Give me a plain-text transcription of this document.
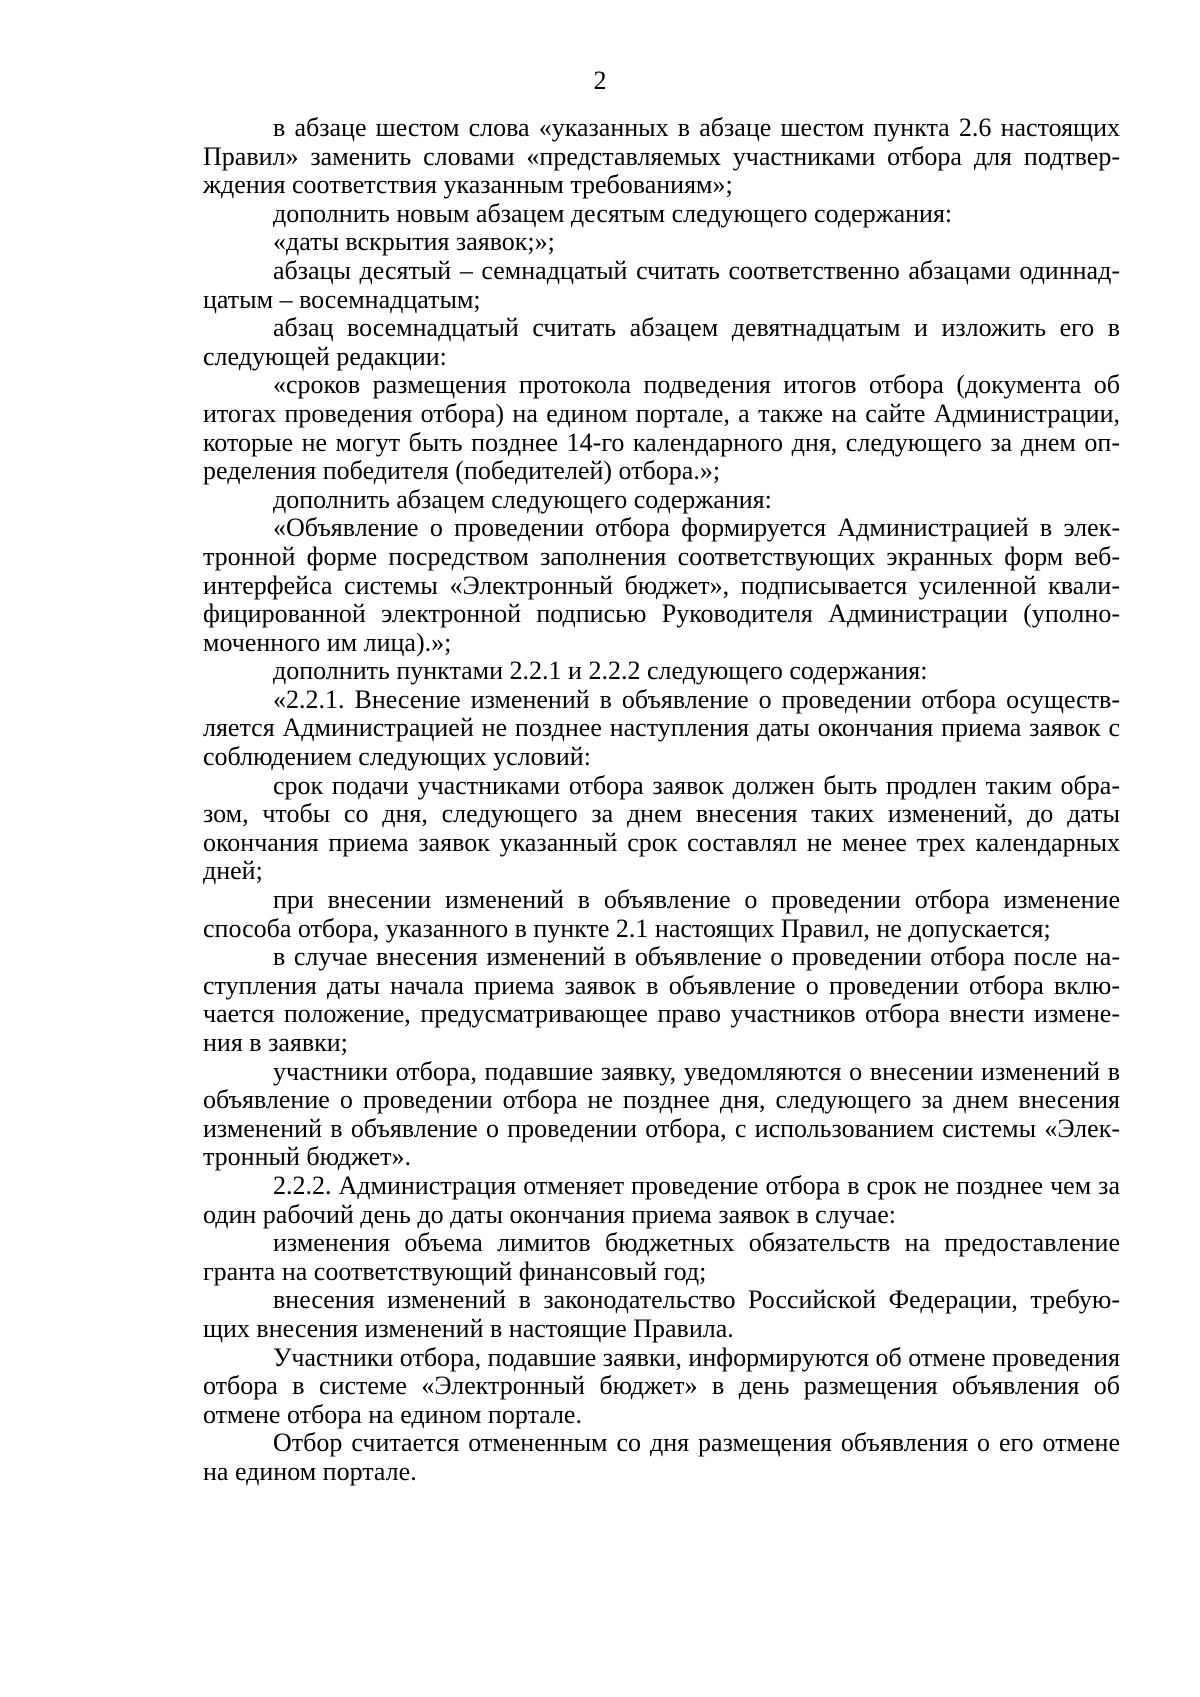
2

в абзаце шестом слова «указанных в абзаце шестом пункта 2.6 настоящих Правил» заменить словами «представляемых участниками отбора для подтверждения соответствия указанным требованиям»;

дополнить новым абзацем десятым следующего содержания:

«даты вскрытия заявок;»;

абзацы десятый – семнадцатый считать соответственно абзацами одиннадцатым – восемнадцатым;

абзац восемнадцатый считать абзацем девятнадцатым и изложить его в следующей редакции:

«сроков размещения протокола подведения итогов отбора (документа об итогах проведения отбора) на едином портале, а также на сайте Администрации, которые не могут быть позднее 14-го календарного дня, следующего за днем определения победителя (победителей) отбора.»;

дополнить абзацем следующего содержания:

«Объявление о проведении отбора формируется Администрацией в электронной форме посредством заполнения соответствующих экранных форм веб-интерфейса системы «Электронный бюджет», подписывается усиленной квалифицированной электронной подписью Руководителя Администрации (уполномоченного им лица).»;

дополнить пунктами 2.2.1 и 2.2.2 следующего содержания:

«2.2.1. Внесение изменений в объявление о проведении отбора осуществляется Администрацией не позднее наступления даты окончания приема заявок с соблюдением следующих условий:

срок подачи участниками отбора заявок должен быть продлен таким образом, чтобы со дня, следующего за днем внесения таких изменений, до даты окончания приема заявок указанный срок составлял не менее трех календарных дней;

при внесении изменений в объявление о проведении отбора изменение способа отбора, указанного в пункте 2.1 настоящих Правил, не допускается;

в случае внесения изменений в объявление о проведении отбора после наступления даты начала приема заявок в объявление о проведении отбора включается положение, предусматривающее право участников отбора внести изменения в заявки;

участники отбора, подавшие заявку, уведомляются о внесении изменений в объявление о проведении отбора не позднее дня, следующего за днем внесения изменений в объявление о проведении отбора, с использованием системы «Электронный бюджет».

2.2.2. Администрация отменяет проведение отбора в срок не позднее чем за один рабочий день до даты окончания приема заявок в случае:

изменения объема лимитов бюджетных обязательств на предоставление гранта на соответствующий финансовый год;

внесения изменений в законодательство Российской Федерации, требующих внесения изменений в настоящие Правила.

Участники отбора, подавшие заявки, информируются об отмене проведения отбора в системе «Электронный бюджет» в день размещения объявления об отмене отбора на едином портале.

Отбор считается отмененным со дня размещения объявления о его отмене на едином портале.
